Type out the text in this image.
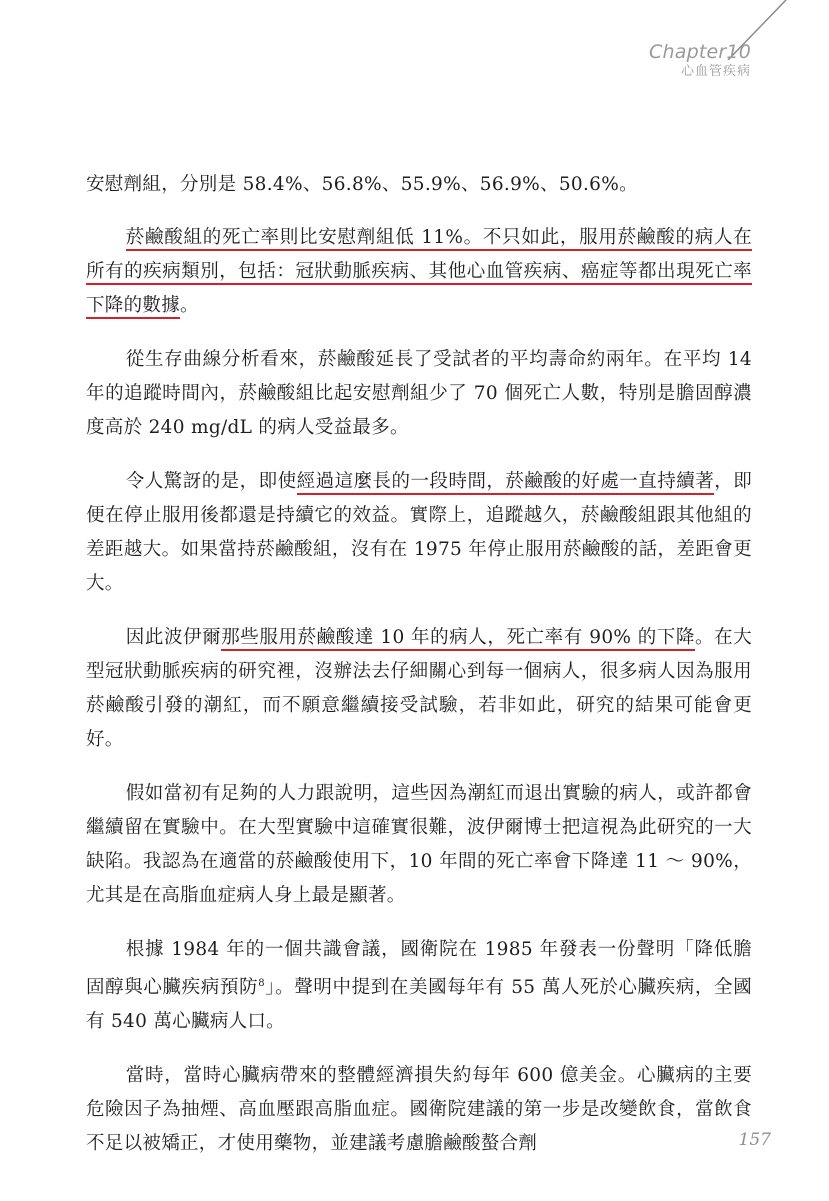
Chapter10
心血管疾病

安慰劑組，分別是 58.4%、56.8%、55.9%、56.9%、50.6%。

菸鹼酸組的死亡率則比安慰劑組低 11%。不只如此，服用菸鹼酸的病人在所有的疾病類別，包括：冠狀動脈疾病、其他心血管疾病、癌症等都出現死亡率下降的數據。

從生存曲線分析看來，菸鹼酸延長了受試者的平均壽命約兩年。在平均 14 年的追蹤時間內，菸鹼酸組比起安慰劑組少了 70 個死亡人數，特別是膽固醇濃度高於 240 mg/dL 的病人受益最多。

令人驚訝的是，即使經過這麼長的一段時間，菸鹼酸的好處一直持續著，即便在停止服用後都還是持續它的效益。實際上，追蹤越久，菸鹼酸組跟其他組的差距越大。如果當持菸鹼酸組，沒有在 1975 年停止服用菸鹼酸的話，差距會更大。

因此波伊爾那些服用菸鹼酸達 10 年的病人，死亡率有 90% 的下降。在大型冠狀動脈疾病的研究裡，沒辦法去仔細關心到每一個病人，很多病人因為服用菸鹼酸引發的潮紅，而不願意繼續接受試驗，若非如此，研究的結果可能會更好。

假如當初有足夠的人力跟說明，這些因為潮紅而退出實驗的病人，或許都會繼續留在實驗中。在大型實驗中這確實很難，波伊爾博士把這視為此研究的一大缺陷。我認為在適當的菸鹼酸使用下，10 年間的死亡率會下降達 11 ～ 90%，尤其是在高脂血症病人身上最是顯著。

根據 1984 年的一個共識會議，國衛院在 1985 年發表一份聲明「降低膽固醇與心臟疾病預防$^8$」。聲明中提到在美國每年有 55 萬人死於心臟疾病，全國有 540 萬心臟病人口。

當時，當時心臟病帶來的整體經濟損失約每年 600 億美金。心臟病的主要危險因子為抽煙、高血壓跟高脂血症。國衛院建議的第一步是改變飲食，當飲食不足以被矯正，才使用藥物，並建議考慮膽鹼酸螯合劑	157
